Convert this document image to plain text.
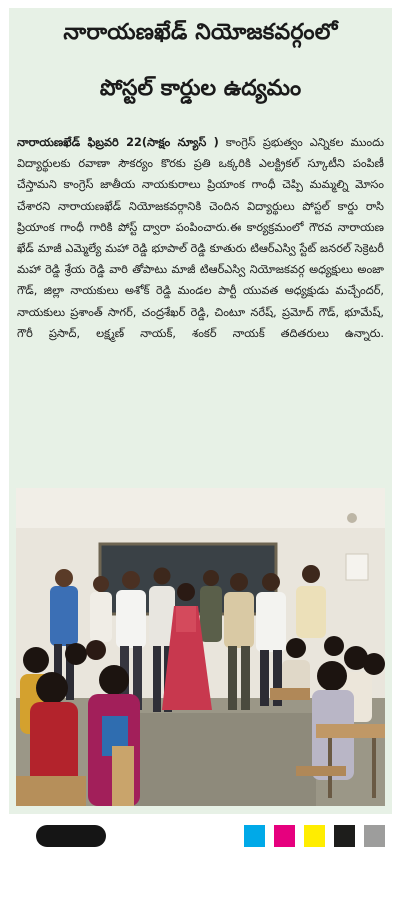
నారాయణఖేడ్ నియోజకవర్గంలో
పోస్టల్ కార్డుల ఉద్యమం
నారాయణఖేడ్ ఫిబ్రవరి 22(సాక్షం న్యూస్ ) కాంగ్రెస్ ప్రభుత్వం ఎన్నికల ముందు విద్యార్థులకు రవాణా సౌకర్యం కొరకు ప్రతి ఒక్కరికి ఎలక్ట్రికల్ స్కూటీని పంపిణీ చేస్తామని కాంగ్రెస్ జాతీయ నాయకురాలు ప్రియాంక గాంధీ చెప్పి మమ్మల్ని మోసం చేశారని నారాయణఖేడ్ నియోజకవర్గానికి చెందిన విద్యార్థులు పోస్టల్ కార్డు రాసి ప్రియాంక గాంధీ గారికి పోస్ట్ ద్వారా పంపించారు.ఈ కార్యక్రమంలో గౌరవ నారాయణ ఖేడ్ మాజీ ఎమ్మెల్యే మహా రెడ్డి భూపాల్ రెడ్డి కూతురు టిఆర్ఎస్వి స్టేట్ జనరల్ సెక్రెటరీ మహా రెడ్డి శ్రేయ రెడ్డి వారి తోపాటు మాజీ టిఆర్ఎస్వి నియోజకవర్గ అధ్యక్షులు అంజా గౌడ్, జిల్లా నాయకులు అశోక్ రెడ్డి మండల పార్టీ యువత అధ్యక్షుడు మచ్చేందర్, నాయకులు ప్రశాంత్ సాగర్, చంద్రశేఖర్ రెడ్డి, చింటూ నరేష్, ప్రమోద్ గౌడ్, భూమేష్, గౌరీ ప్రసాద్, లక్ష్మణ్ నాయక్, శంకర్ నాయక్ తదితరులు ఉన్నారు.
